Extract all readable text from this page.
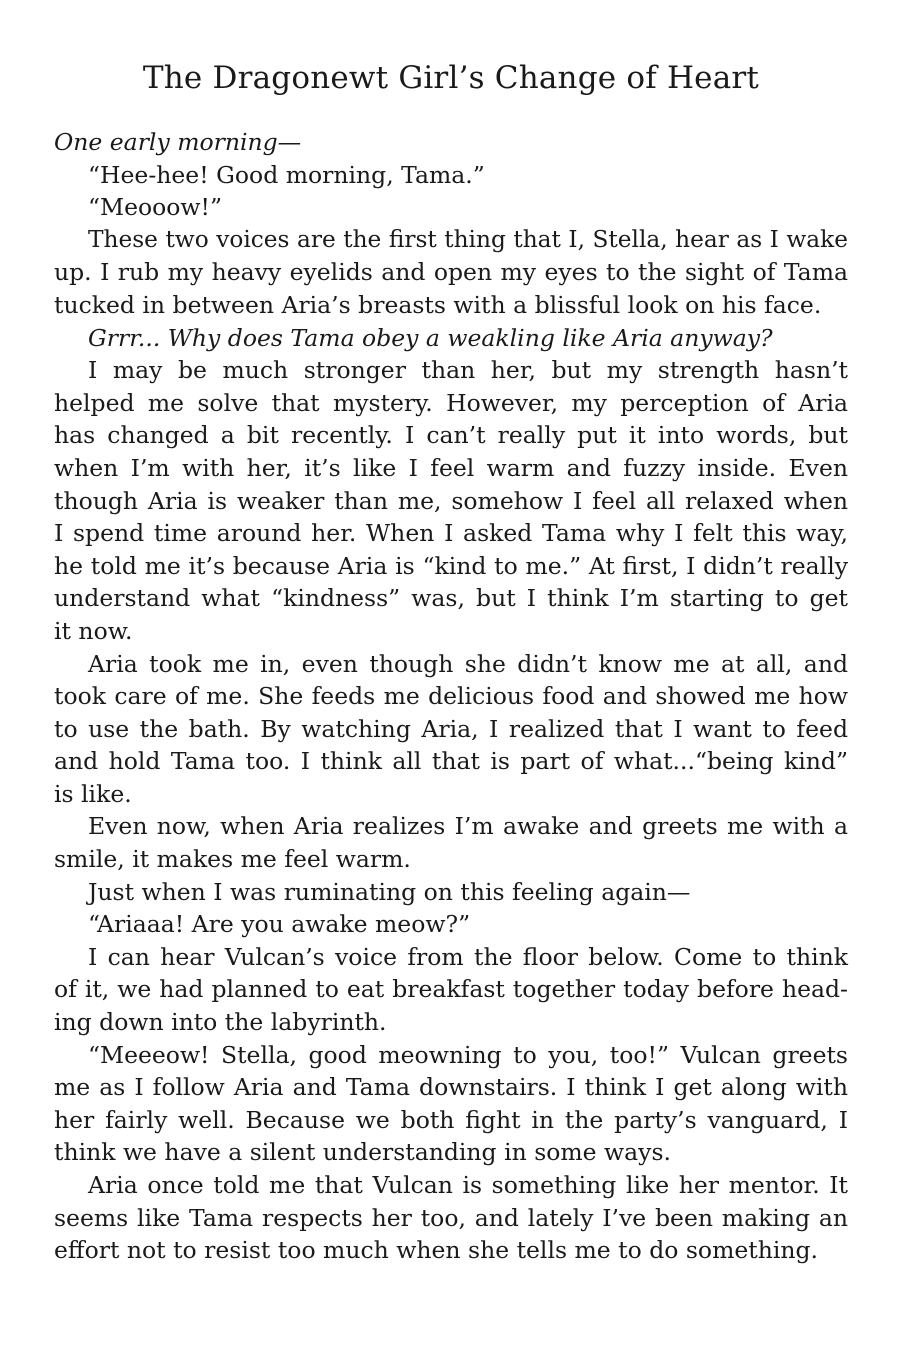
The Dragonewt Girl’s Change of Heart
One early morning—
“Hee-hee! Good morning, Tama.”
“Meooow!”
These two voices are the first thing that I, Stella, hear as I wake
up. I rub my heavy eyelids and open my eyes to the sight of Tama
tucked in between Aria’s breasts with a blissful look on his face.
Grrr... Why does Tama obey a weakling like Aria anyway?
I may be much stronger than her, but my strength hasn’t
helped me solve that mystery. However, my perception of Aria
has changed a bit recently. I can’t really put it into words, but
when I’m with her, it’s like I feel warm and fuzzy inside. Even
though Aria is weaker than me, somehow I feel all relaxed when
I spend time around her. When I asked Tama why I felt this way,
he told me it’s because Aria is “kind to me.” At first, I didn’t really
understand what “kindness” was, but I think I’m starting to get
it now.
Aria took me in, even though she didn’t know me at all, and
took care of me. She feeds me delicious food and showed me how
to use the bath. By watching Aria, I realized that I want to feed
and hold Tama too. I think all that is part of what...“being kind”
is like.
Even now, when Aria realizes I’m awake and greets me with a
smile, it makes me feel warm.
Just when I was ruminating on this feeling again—
“Ariaaa! Are you awake meow?”
I can hear Vulcan’s voice from the floor below. Come to think
of it, we had planned to eat breakfast together today before head-
ing down into the labyrinth.
“Meeeow! Stella, good meowning to you, too!” Vulcan greets
me as I follow Aria and Tama downstairs. I think I get along with
her fairly well. Because we both fight in the party’s vanguard, I
think we have a silent understanding in some ways.
Aria once told me that Vulcan is something like her mentor. It
seems like Tama respects her too, and lately I’ve been making an
effort not to resist too much when she tells me to do something.
